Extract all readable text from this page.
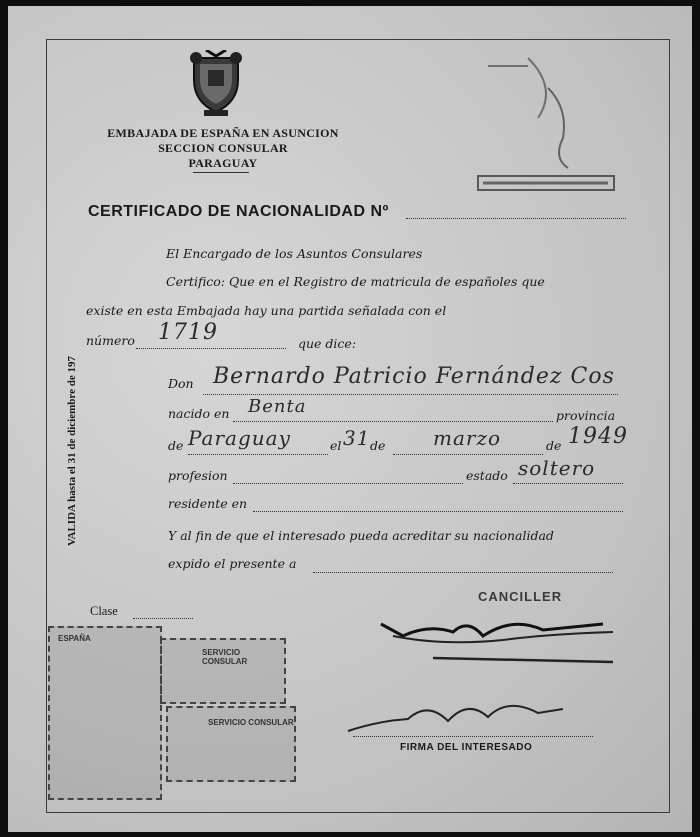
EMBAJADA DE ESPAÑA EN ASUNCION
SECCION CONSULAR
PARAGUAY
CERTIFICADO DE NACIONALIDAD Nº
VALIDA hasta el 31 de diciembre de 197
El Encargado de los Asuntos Consulares
Certifico: Que en el Registro de matricula de españoles que
existe en esta Embajada hay una partida señalada con el
número 1719	que dice:
Don Bernardo Patricio Fernández Cos
nacido en Benta	provincia
de Paraguay	el 31 de marzo	de 1949
profesion	estado soltero
residente en
Y al fin de que el interesado pueda acreditar su nacionalidad
expido el presente a
CANCILLER
Clase
FIRMA DEL INTERESADO
ESPAÑA
SERVICIO CONSULAR
SERVICIO CONSULAR
